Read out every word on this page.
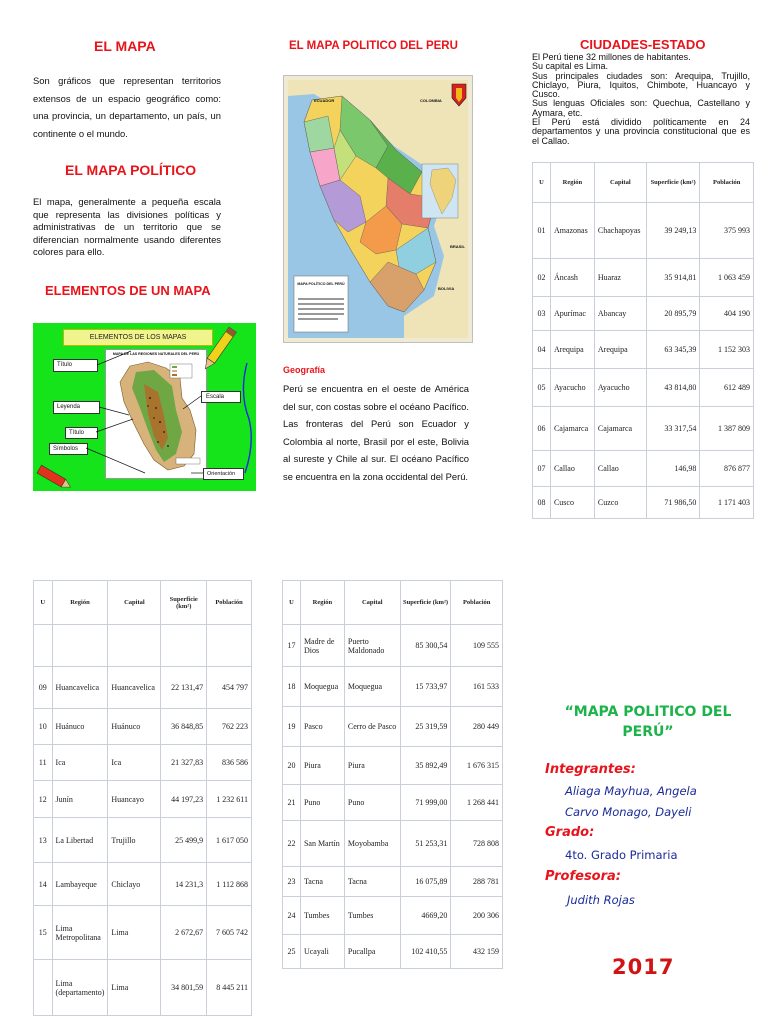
EL MAPA
Son gráficos que representan territorios extensos de un espacio geográfico como: una provincia, un departamento, un país, un continente o el mundo.
EL MAPA POLÍTICO
El mapa, generalmente a pequeña escala que representa las divisiones políticas y administrativas de un territorio que se diferencian normalmente usando diferentes colores para ello.
ELEMENTOS DE UN MAPA
ELEMENTOS DE LOS MAPAS
MAPA DE LAS REGIONES NATURALES DEL PERÚ
Título
Leyenda
Título
Símbolos
Escala
Orientación
EL MAPA POLITICO DEL PERU
ECUADOR	COLOMBIA
BRASIL
BOLIVIA
MAPA POLÍTICO DEL PERÚ
Geografía
Perú se encuentra en el oeste de América del sur, con costas sobre el océano Pacífico. Las fronteras del Perú son Ecuador y Colombia al norte, Brasil por el este, Bolivia al sureste y Chile al sur. El océano Pacífico se encuentra en la zona occidental del Perú.
CIUDADES-ESTADO
El Perú tiene 32 millones de habitantes.
Su capital es Lima.
Sus principales ciudades son: Arequipa, Trujillo, Chiclayo, Piura, Iquitos, Chimbote, Huancayo y Cusco.
Sus lenguas Oficiales son: Quechua, Castellano y Aymara, etc.
El Perú está dividido políticamente en 24 departamentos y una provincia constitucional que es el Callao.
U	Región	Capital	Superficie (km²)	Población
01	Amazonas	Chachapoyas	39 249,13	375 993
02	Áncash	Huaraz	35 914,81	1 063 459
03	Apurímac	Abancay	20 895,79	404 190
04	Arequipa	Arequipa	63 345,39	1 152 303
05	Ayacucho	Ayacucho	43 814,80	612 489
06	Cajamarca	Cajamarca	33 317,54	1 387 809
07	Callao	Callao	146,98	876 877
08	Cusco	Cuzco	71 986,50	1 171 403
U	Región	Capital	Superficie (km²)	Población

09	Huancavelica	Huancavelica	22 131,47	454 797
10	Huánuco	Huánuco	36 848,85	762 223
11	Ica	Ica	21 327,83	836 586
12	Junín	Huancayo	44 197,23	1 232 611
13	La Libertad	Trujillo	25 499,9	1 617 050
14	Lambayeque	Chiclayo	14 231,3	1 112 868
15	Lima Metropolitana	Lima	2 672,67	7 605 742
	Lima (departamento)	Lima	34 801,59	8 445 211
U	Región	Capital	Superficie (km²)	Población
17	Madre de Dios	Puerto Maldonado	85 300,54	109 555
18	Moquegua	Moquegua	15 733,97	161 533
19	Pasco	Cerro de Pasco	25 319,59	280 449
20	Piura	Piura	35 892,49	1 676 315
21	Puno	Puno	71 999,00	1 268 441
22	San Martín	Moyobamba	51 253,31	728 808
23	Tacna	Tacna	16 075,89	288 781
24	Tumbes	Tumbes	4669,20	200 306
25	Ucayali	Pucallpa	102 410,55	432 159
“MAPA POLITICO DEL
PERÚ”
Integrantes:
Aliaga Mayhua, Angela
Carvo Monago, Dayeli
Grado:
4to. Grado Primaria
Profesora:
Judith Rojas
2017
